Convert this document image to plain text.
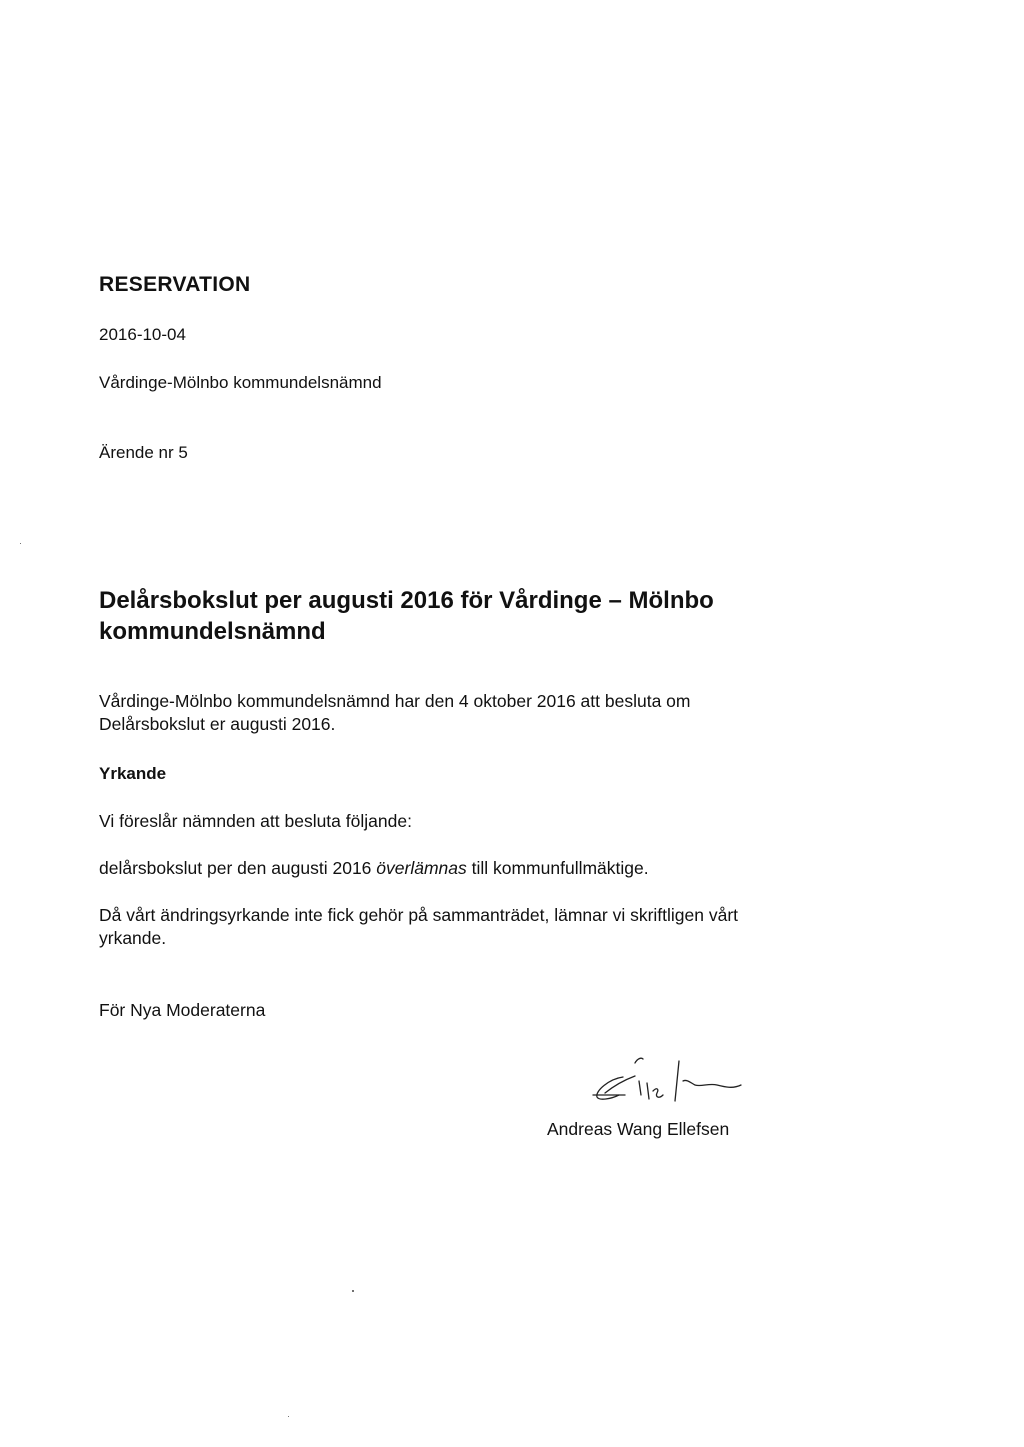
RESERVATION

2016-10-04

Vårdinge-Mölnbo kommundelsnämnd

Ärende nr 5

Delårsbokslut per augusti 2016 för Vårdinge – Mölnbo
kommundelsnämnd
Vårdinge-Mölnbo kommundelsnämnd har den 4 oktober 2016 att besluta om
Delårsbokslut er augusti 2016.

Yrkande

Vi föreslår nämnden att besluta följande:

delårsbokslut per den augusti 2016 överlämnas till kommunfullmäktige.

Då vårt ändringsyrkande inte fick gehör på sammanträdet, lämnar vi skriftligen vårt
yrkande.

För Nya Moderaterna

Andreas Wang Ellefsen
